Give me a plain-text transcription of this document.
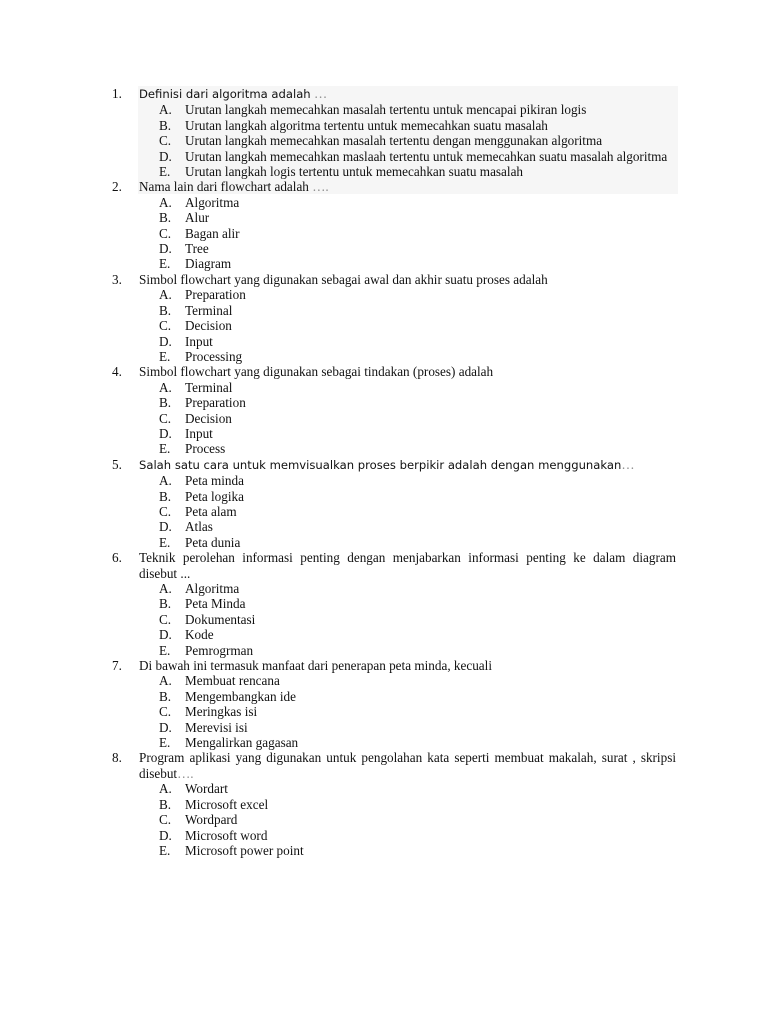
1.	Definisi dari algoritma adalah …
A. Urutan langkah memecahkan masalah tertentu untuk mencapai pikiran logis
B.	Urutan langkah algoritma tertentu untuk memecahkan suatu masalah
C.	Urutan langkah memecahkan masalah tertentu dengan menggunakan algoritma
D. Urutan langkah memecahkan maslaah tertentu untuk memecahkan suatu masalah algoritma
E.	Urutan langkah logis tertentu untuk memecahkan suatu masalah
2.	Nama lain dari flowchart adalah ….
A. Algoritma
B.	Alur
C.	Bagan alir
D. Tree
E.	Diagram
3.	Simbol flowchart yang digunakan sebagai awal dan akhir suatu proses adalah
A. Preparation
B.	Terminal
C.	Decision
D. Input
E.	Processing
4.	Simbol flowchart yang digunakan sebagai tindakan (proses) adalah
A. Terminal
B.	Preparation
C.	Decision
D. Input
E.	Process
5.	Salah satu cara untuk memvisualkan proses berpikir adalah dengan menggunakan…
A. Peta minda
B.	Peta logika
C.	Peta alam
D. Atlas
E.	Peta dunia
6.	Teknik perolehan informasi penting dengan menjabarkan informasi penting ke dalam diagram disebut ...
A. Algoritma
B.	Peta Minda
C.	Dokumentasi
D. Kode
E.	Pemrogrman
7.	Di bawah ini termasuk manfaat dari penerapan peta minda, kecuali
A. Membuat rencana
B.	Mengembangkan ide
C.	Meringkas isi
D. Merevisi isi
E.	Mengalirkan gagasan
8.	Program aplikasi yang digunakan untuk pengolahan kata seperti membuat makalah, surat , skripsi disebut….
A. Wordart
B.	Microsoft excel
C.	Wordpard
D. Microsoft word
E.	Microsoft power point
